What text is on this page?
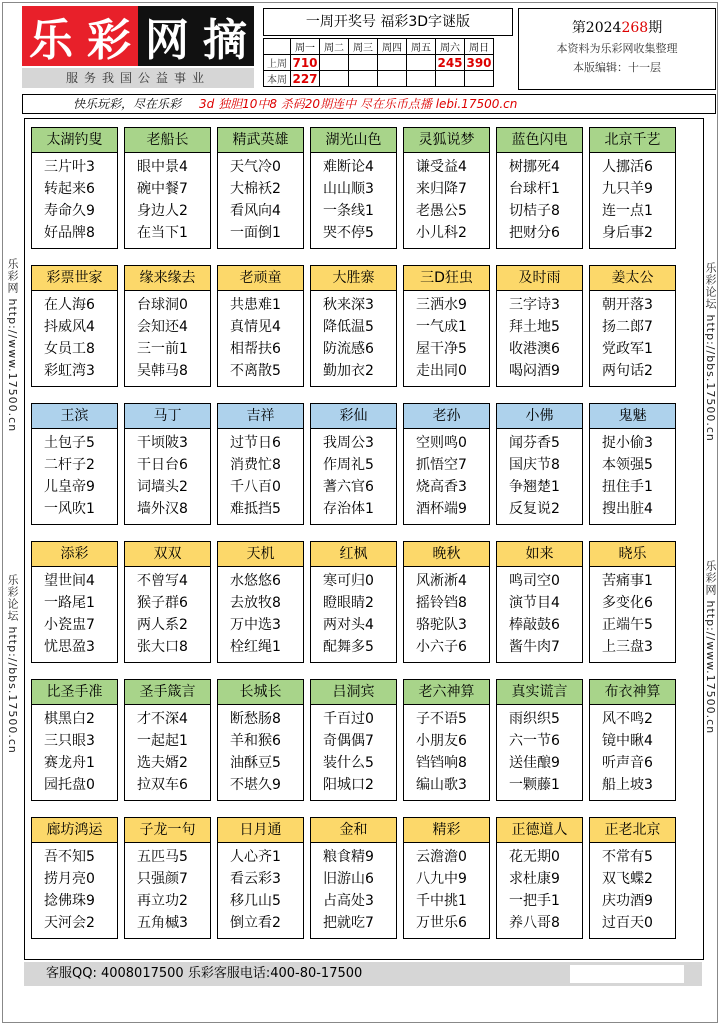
乐 彩 网 摘
服务我国公益事业
一周开奖号 福彩3D字谜版
	周一	周二	周三	周四	周五	周六	周日
上周	710					245	390
本周	227						
第2024268期
本资料为乐彩网收集整理
本版编辑：十一层
快乐玩彩，尽在乐彩 3d 独胆10中8 杀码20期连中 尽在乐币点播 lebi.17500.cn
乐彩网 http://www.17500.cn
乐彩论坛 http://bbs.17500.cn
乐彩论坛 http://bbs.17500.cn
乐彩网 http://www.17500.cn
太湖钓叟
三片叶3
转起来6
寿命久9
好品牌8
老船长
眼中景4
碗中餐7
身边人2
在当下1
精武英雄
天气冷0
大棉袄2
看风向4
一面倒1
湖光山色
难断论4
山山顺3
一条线1
哭不停5
灵狐说梦
谦受益4
来归降7
老愚公5
小儿科2
蓝色闪电
树挪死4
台球杆1
切桔子8
把财分6
北京千艺
人挪活6
九只羊9
连一点1
身后事2
彩票世家
在人海6
抖威风4
女员工8
彩虹湾3
缘来缘去
台球洞0
会知还4
三一前1
吴韩马8
老顽童
共患难1
真情见4
相帮扶6
不离散5
大胜寨
秋来深3
降低温5
防流感6
勤加衣2
三D狂虫
三洒水9
一气成1
屋干净5
走出同0
及时雨
三字诗3
拜土地5
收港澳6
喝闷酒9
姜太公
朝开落3
扬二郎7
党政军1
两句话2
王滨
土包子5
二杆子2
儿皇帝9
一风吹1
马丁
干顷陂3
干日台6
词墙头2
墙外汉8
吉祥
过节日6
消费忙8
千八百0
难抵挡5
彩仙
我周公3
作周礼5
蓍六官6
存治体1
老孙
空则鸣0
抓悟空7
烧高香3
酒杯端9
小佛
闻芬香5
国庆节8
争翘楚1
反复说2
鬼魅
捉小偷3
本领强5
扭住手1
搜出脏4
添彩
望世间4
一路尾1
小瓷盅7
忧思盈3
双双
不曾写4
猴子群6
两人系2
张大口8
天机
水悠悠6
去放牧8
万中选3
栓红绳1
红枫
寒可归0
瞪眼睛2
两对头4
配舞多5
晚秋
风淅淅4
摇铃铛8
骆驼队3
小六子6
如来
鸣司空0
演节目4
棒敲鼓6
酱牛肉7
晓乐
苦痛事1
多变化6
正端午5
上三盘3
比圣手准
棋黑白2
三只眼3
赛龙舟1
园托盘0
圣手箴言
才不深4
一起起1
选夫婿2
拉双车6
长城长
断愁肠8
羊和猴6
油酥豆5
不堪久9
吕洞宾
千百过0
奇偶偶7
装什么5
阳城口2
老六神算
子不语5
小朋友6
铛铛响8
编山歌3
真实谎言
雨织织5
六一节6
送佳酿9
一颗藤1
布衣神算
风不鸣2
镜中瞅4
听声音6
船上坡3
廊坊鸿运
吾不知5
捞月亮0
捻佛珠9
天河会2
子龙一句
五匹马5
只强颜7
再立功2
五角槭3
日月通
人心齐1
看云彩3
移几山5
倒立看2
金和
粮食精9
旧游山6
占高处3
把就吃7
精彩
云澹澹0
八九中9
千中挑1
万世乐6
正德道人
花无期0
求杜康9
一把手1
养八哥8
正老北京
不常有5
双飞蝶2
庆功酒9
过百天0
客服QQ: 4008017500 乐彩客服电话:400-80-17500
